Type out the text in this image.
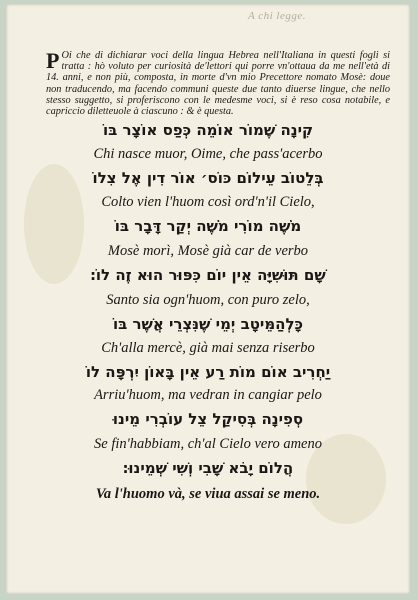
A chi legge.
P Oi che di dichiarar voci della lingua Hebrea nell'Italiana in questi fogli si tratta : hò voluto per curiosità de'lettori qui porre vn'ottaua da me nell'età di 14. anni, e non più, composta, in morte d'vn mio Precettore nomato Mosè: doue non traducendo, ma facendo communi queste due tanto diuerse lingue, che nello stesso suggetto, si proferiscono con le medesme voci, si è reso cosa notabile, e capriccio diletteuole à ciascuno : & è questa.
קִינָה שֶׁמוֹר אוֹמֵה כְּפַס אוֹצָר בּוֹ
Chi nasce muor, Oime, che pass'acerbo
בְּלֵטוֹב עֵילוֹם כּוֹס׳ אוֹר דִין אֶל צִלוֹ
Colto vien l'huom così ord'n'il Cielo,
מֹשֶׁה מוֹרִי מֹשֶׁה יְקַר דָּבָר בּוֹ
Mosè morì, Mosè già car de verbo
שָׁם תּוּשִׁיָּה אֵין יוֹם כִּפּוּר הוּא זֶה לוֹ׃
Santo sia ogn'huom, con puro zelo,
כָּלְהַמֵּיטָב יְמֵי שֶׁנִּצְרֵי אֲשֶׁר בּוֹ
Ch'alla mercè, già mai senza riserbo
יַחְרִיב אוֹם מוֹת רַע אֵין בָּאוֹן יִרְפָּה לוֹ
Arriu'huom, ma vedran in cangiar pelo
סְפִינָה בְּסִיקַל צֵל עוֹבְרִי מֵינוּ
Se fin'habbiam, ch'al Cielo vero ameno
הֲלוֹם יָבֹא שָׁבִי וְשִׁי שְׁמֵינוּ׃
Va l'huomo và, se viua assai se meno.
